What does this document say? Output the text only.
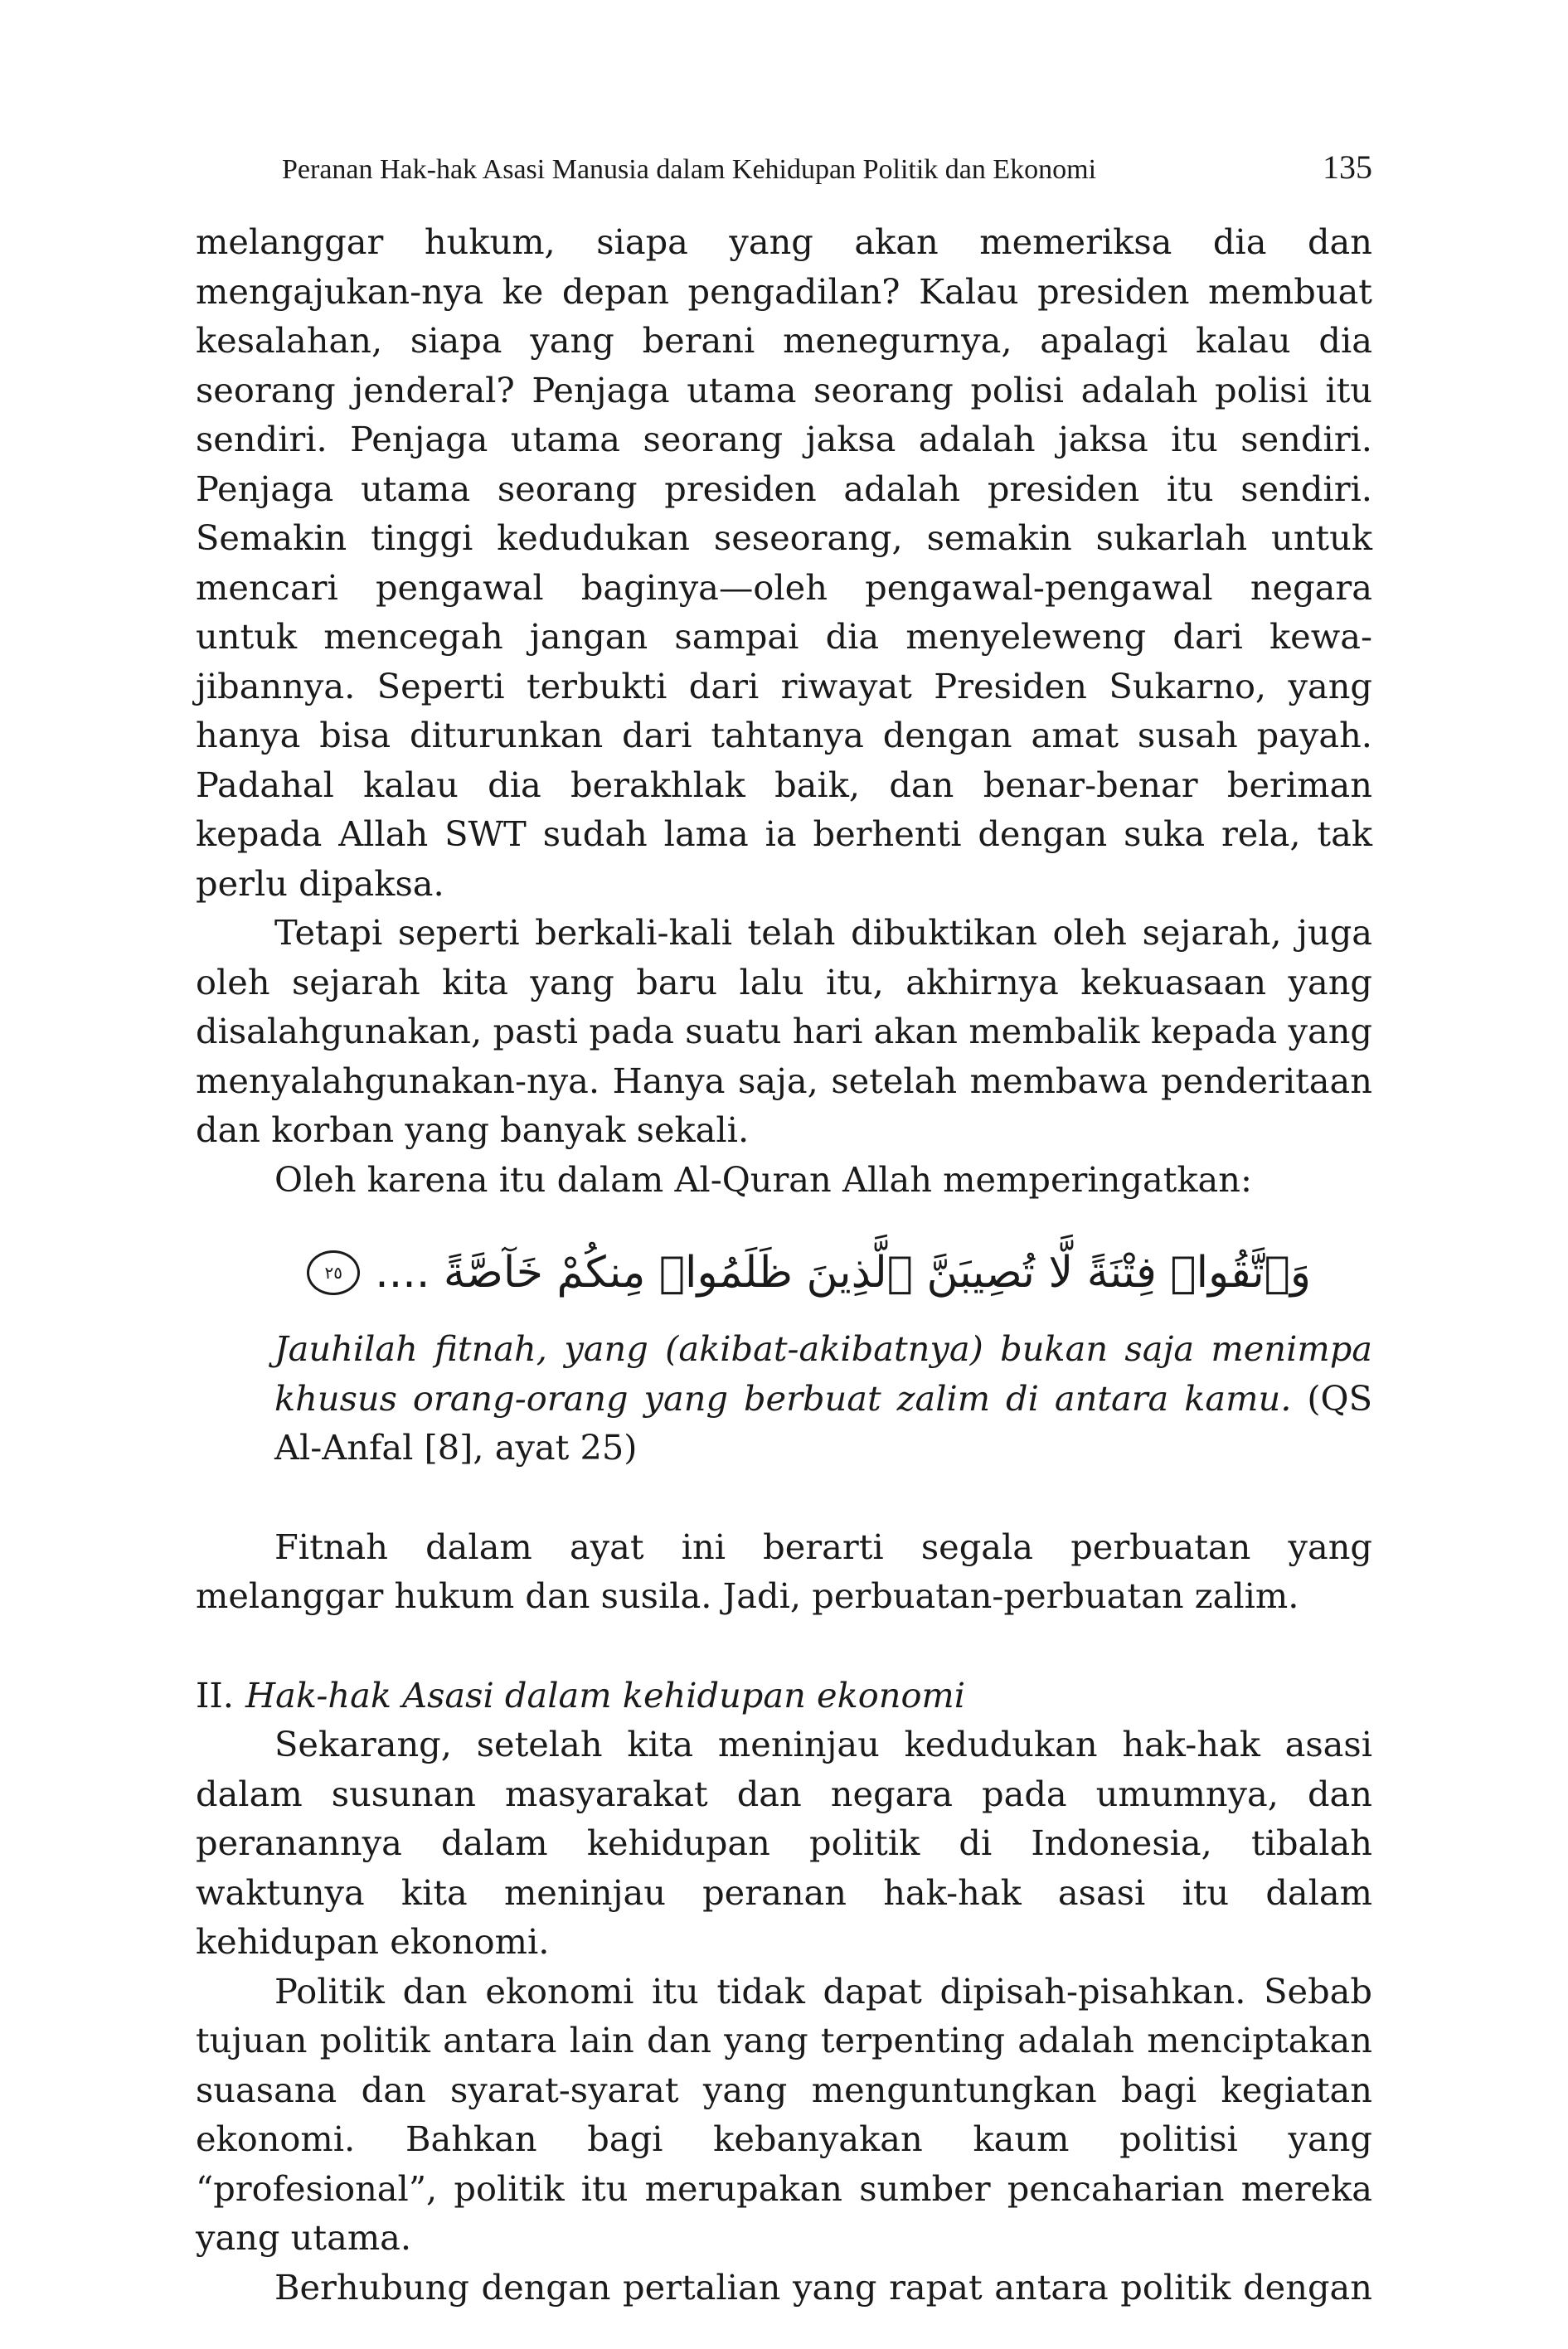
Peranan Hak-hak Asasi Manusia dalam Kehidupan Politik dan Ekonomi	135

melanggar hukum, siapa yang akan memeriksa dia dan mengajukan-nya ke depan pengadilan? Kalau presiden membuat kesalahan, siapa yang berani menegurnya, apalagi kalau dia seorang jenderal? Penjaga utama seorang polisi adalah polisi itu sendiri. Penjaga utama seorang jaksa adalah jaksa itu sendiri. Penjaga utama seorang presiden adalah presiden itu sendiri. Semakin tinggi kedudukan seseorang, semakin sukarlah untuk mencari pengawal baginya—oleh pengawal-pengawal negara untuk mencegah jangan sampai dia menyeleweng dari kewa-jibannya. Seperti terbukti dari riwayat Presiden Sukarno, yang hanya bisa diturunkan dari tahtanya dengan amat susah payah. Padahal kalau dia berakhlak baik, dan benar-benar beriman kepada Allah SWT sudah lama ia berhenti dengan suka rela, tak perlu dipaksa.

Tetapi seperti berkali-kali telah dibuktikan oleh sejarah, juga oleh sejarah kita yang baru lalu itu, akhirnya kekuasaan yang disalahgunakan, pasti pada suatu hari akan membalik kepada yang menyalahgunakan-nya. Hanya saja, setelah membawa penderitaan dan korban yang banyak sekali.

Oleh karena itu dalam Al-Quran Allah memperingatkan:

وَٱتَّقُوا۟ فِتْنَةً لَّا تُصِيبَنَّ ٱلَّذِينَ ظَلَمُوا۟ مِنكُمْ خَآصَّةً ....
٢٥

Jauhilah fitnah, yang (akibat-akibatnya) bukan saja menimpa khusus orang-orang yang berbuat zalim di antara kamu. (QS Al-Anfal [8], ayat 25)

Fitnah dalam ayat ini berarti segala perbuatan yang melanggar hukum dan susila. Jadi, perbuatan-perbuatan zalim.

II. Hak-hak Asasi dalam kehidupan ekonomi

Sekarang, setelah kita meninjau kedudukan hak-hak asasi dalam susunan masyarakat dan negara pada umumnya, dan peranannya dalam kehidupan politik di Indonesia, tibalah waktunya kita meninjau peranan hak-hak asasi itu dalam kehidupan ekonomi.

Politik dan ekonomi itu tidak dapat dipisah-pisahkan. Sebab tujuan politik antara lain dan yang terpenting adalah menciptakan suasana dan syarat-syarat yang menguntungkan bagi kegiatan ekonomi. Bahkan bagi kebanyakan kaum politisi yang “profesional”, politik itu merupakan sumber pencaharian mereka yang utama.

Berhubung dengan pertalian yang rapat antara politik dengan
